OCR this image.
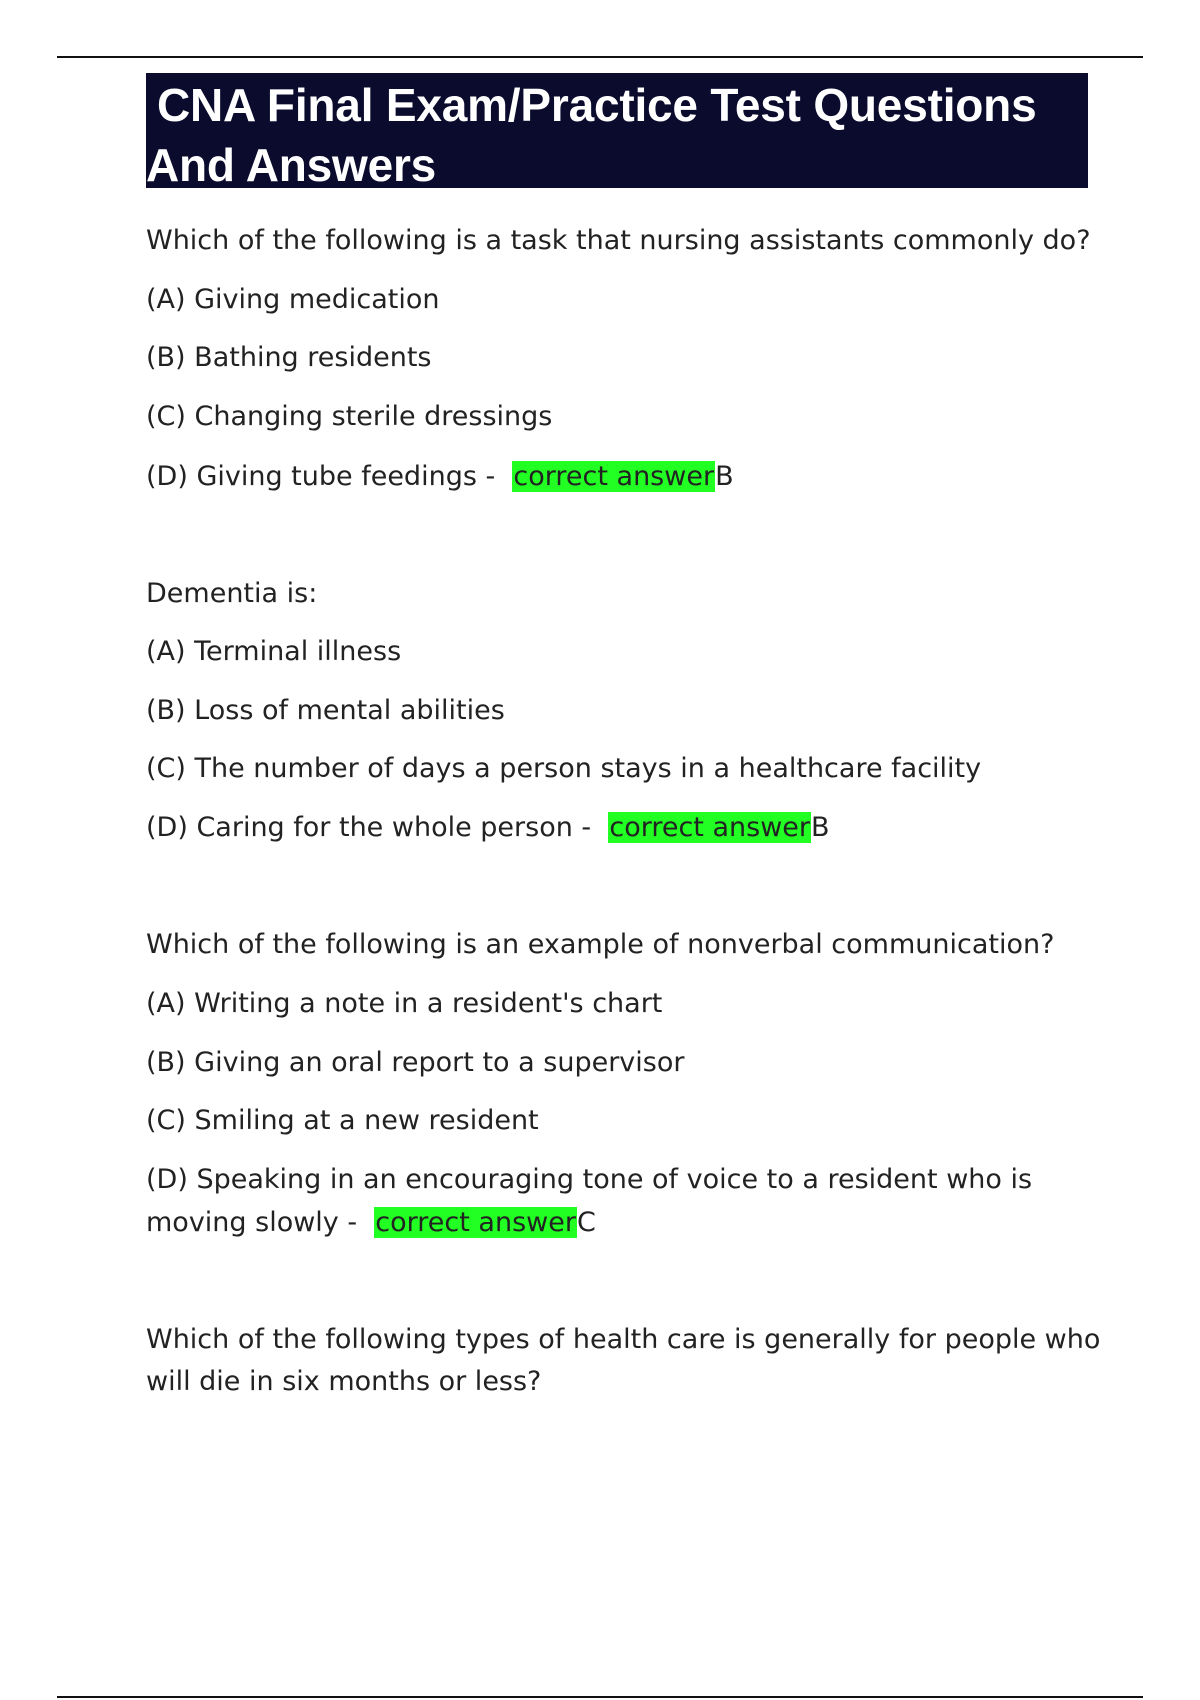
CNA Final Exam/Practice Test Questions
And Answers

Which of the following is a task that nursing assistants commonly do?

(A) Giving medication

(B) Bathing residents

(C) Changing sterile dressings

(D) Giving tube feedings -  correct answerB

Dementia is:

(A) Terminal illness

(B) Loss of mental abilities

(C) The number of days a person stays in a healthcare facility

(D) Caring for the whole person -  correct answerB

Which of the following is an example of nonverbal communication?

(A) Writing a note in a resident's chart

(B) Giving an oral report to a supervisor

(C) Smiling at a new resident

(D) Speaking in an encouraging tone of voice to a resident who is

moving slowly -  correct answerC

Which of the following types of health care is generally for people who

will die in six months or less?
